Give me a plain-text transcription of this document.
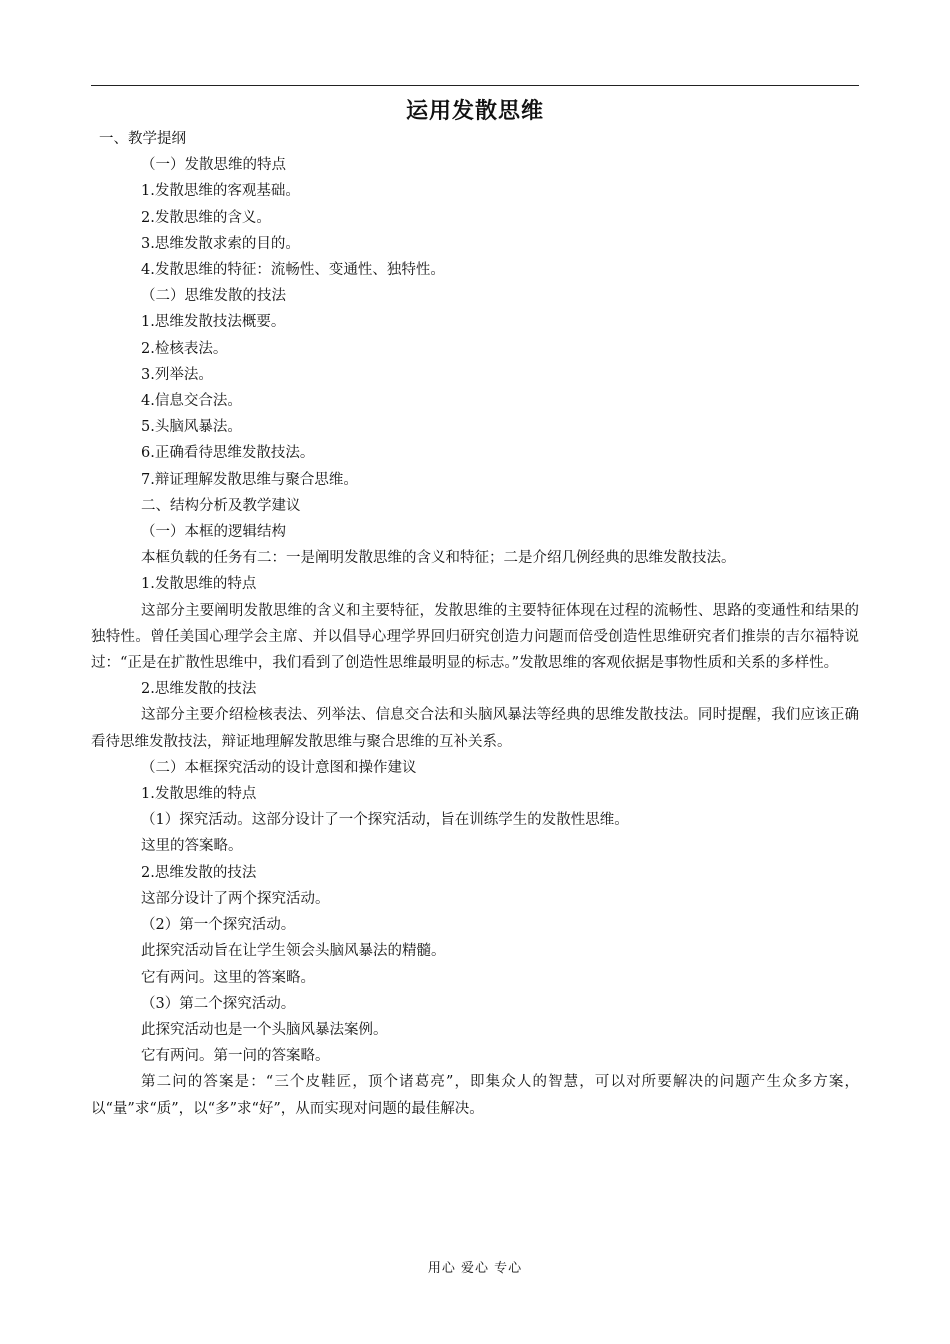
运用发散思维

一、教学提纲

（一）发散思维的特点

1.发散思维的客观基础。

2.发散思维的含义。

3.思维发散求索的目的。

4.发散思维的特征：流畅性、变通性、独特性。

（二）思维发散的技法

1.思维发散技法概要。

2.检核表法。

3.列举法。

4.信息交合法。

5.头脑风暴法。

6.正确看待思维发散技法。

7.辩证理解发散思维与聚合思维。

二、结构分析及教学建议

（一）本框的逻辑结构

本框负载的任务有二：一是阐明发散思维的含义和特征；二是介绍几例经典的思维发散技法。

1.发散思维的特点

这部分主要阐明发散思维的含义和主要特征，发散思维的主要特征体现在过程的流畅性、思路的变通性和结果的独特性。曾任美国心理学会主席、并以倡导心理学界回归研究创造力问题而倍受创造性思维研究者们推崇的吉尔福特说过：“正是在扩散性思维中，我们看到了创造性思维最明显的标志。”发散思维的客观依据是事物性质和关系的多样性。

2.思维发散的技法

这部分主要介绍检核表法、列举法、信息交合法和头脑风暴法等经典的思维发散技法。同时提醒，我们应该正确看待思维发散技法，辩证地理解发散思维与聚合思维的互补关系。

（二）本框探究活动的设计意图和操作建议

1.发散思维的特点

（1）探究活动。这部分设计了一个探究活动，旨在训练学生的发散性思维。

这里的答案略。

2.思维发散的技法

这部分设计了两个探究活动。

（2）第一个探究活动。

此探究活动旨在让学生领会头脑风暴法的精髓。

它有两问。这里的答案略。

（3）第二个探究活动。

此探究活动也是一个头脑风暴法案例。

它有两问。第一问的答案略。

第二问的答案是：“三个皮鞋匠，顶个诸葛亮”，即集众人的智慧，可以对所要解决的问题产生众多方案，以“量”求“质”，以“多”求“好”，从而实现对问题的最佳解决。

用心 爱心 专心
